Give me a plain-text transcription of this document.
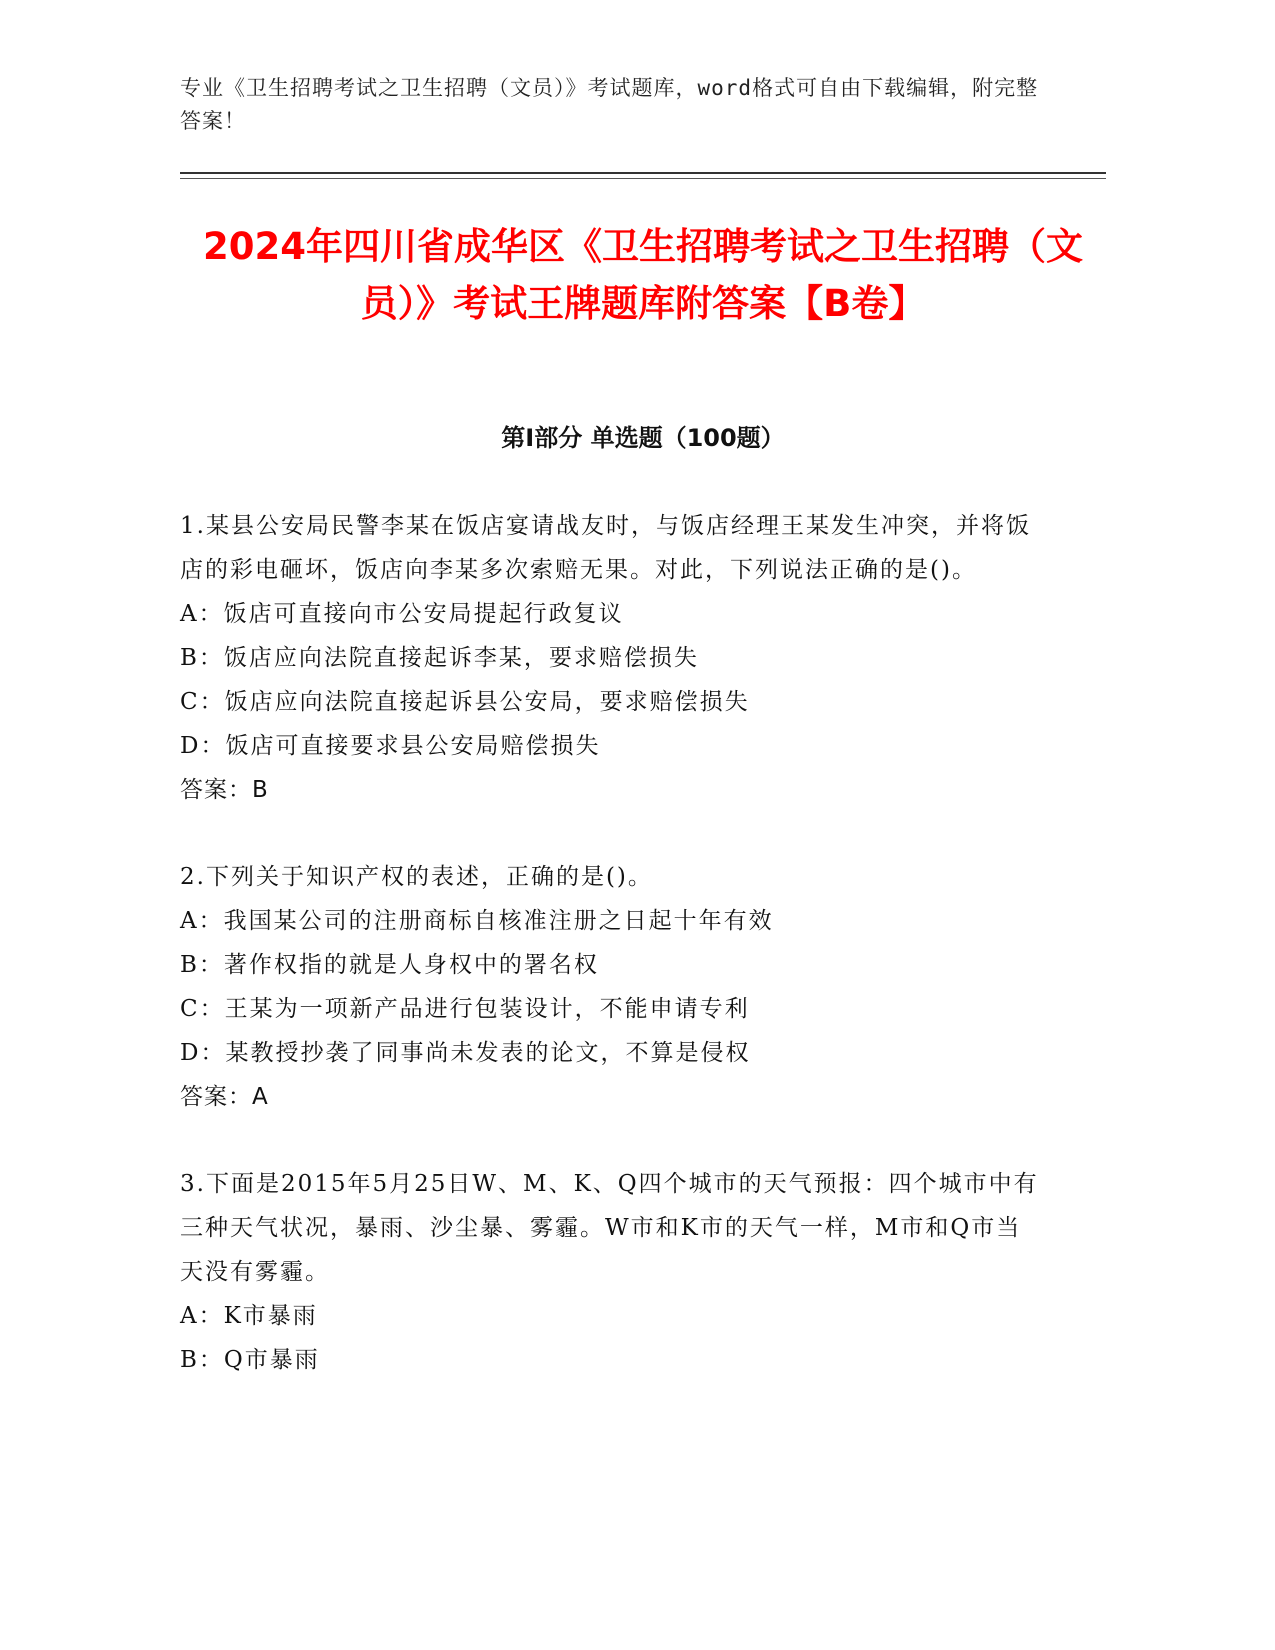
专业《卫生招聘考试之卫生招聘（文员）》考试题库，word格式可自由下载编辑，附完整答案！
2024年四川省成华区《卫生招聘考试之卫生招聘（文员）》考试王牌题库附答案【B卷】
第I部分 单选题（100题）

1.某县公安局民警李某在饭店宴请战友时，与饭店经理王某发生冲突，并将饭店的彩电砸坏，饭店向李某多次索赔无果。对此，下列说法正确的是()。

A：饭店可直接向市公安局提起行政复议

B：饭店应向法院直接起诉李某，要求赔偿损失

C：饭店应向法院直接起诉县公安局，要求赔偿损失

D：饭店可直接要求县公安局赔偿损失

答案：B

2.下列关于知识产权的表述，正确的是()。

A：我国某公司的注册商标自核准注册之日起十年有效

B：著作权指的就是人身权中的署名权

C：王某为一项新产品进行包装设计，不能申请专利

D：某教授抄袭了同事尚未发表的论文，不算是侵权

答案：A

3.下面是2015年5月25日W、M、K、Q四个城市的天气预报：四个城市中有三种天气状况，暴雨、沙尘暴、雾霾。W市和K市的天气一样，M市和Q市当天没有雾霾。

A：K市暴雨

B：Q市暴雨
